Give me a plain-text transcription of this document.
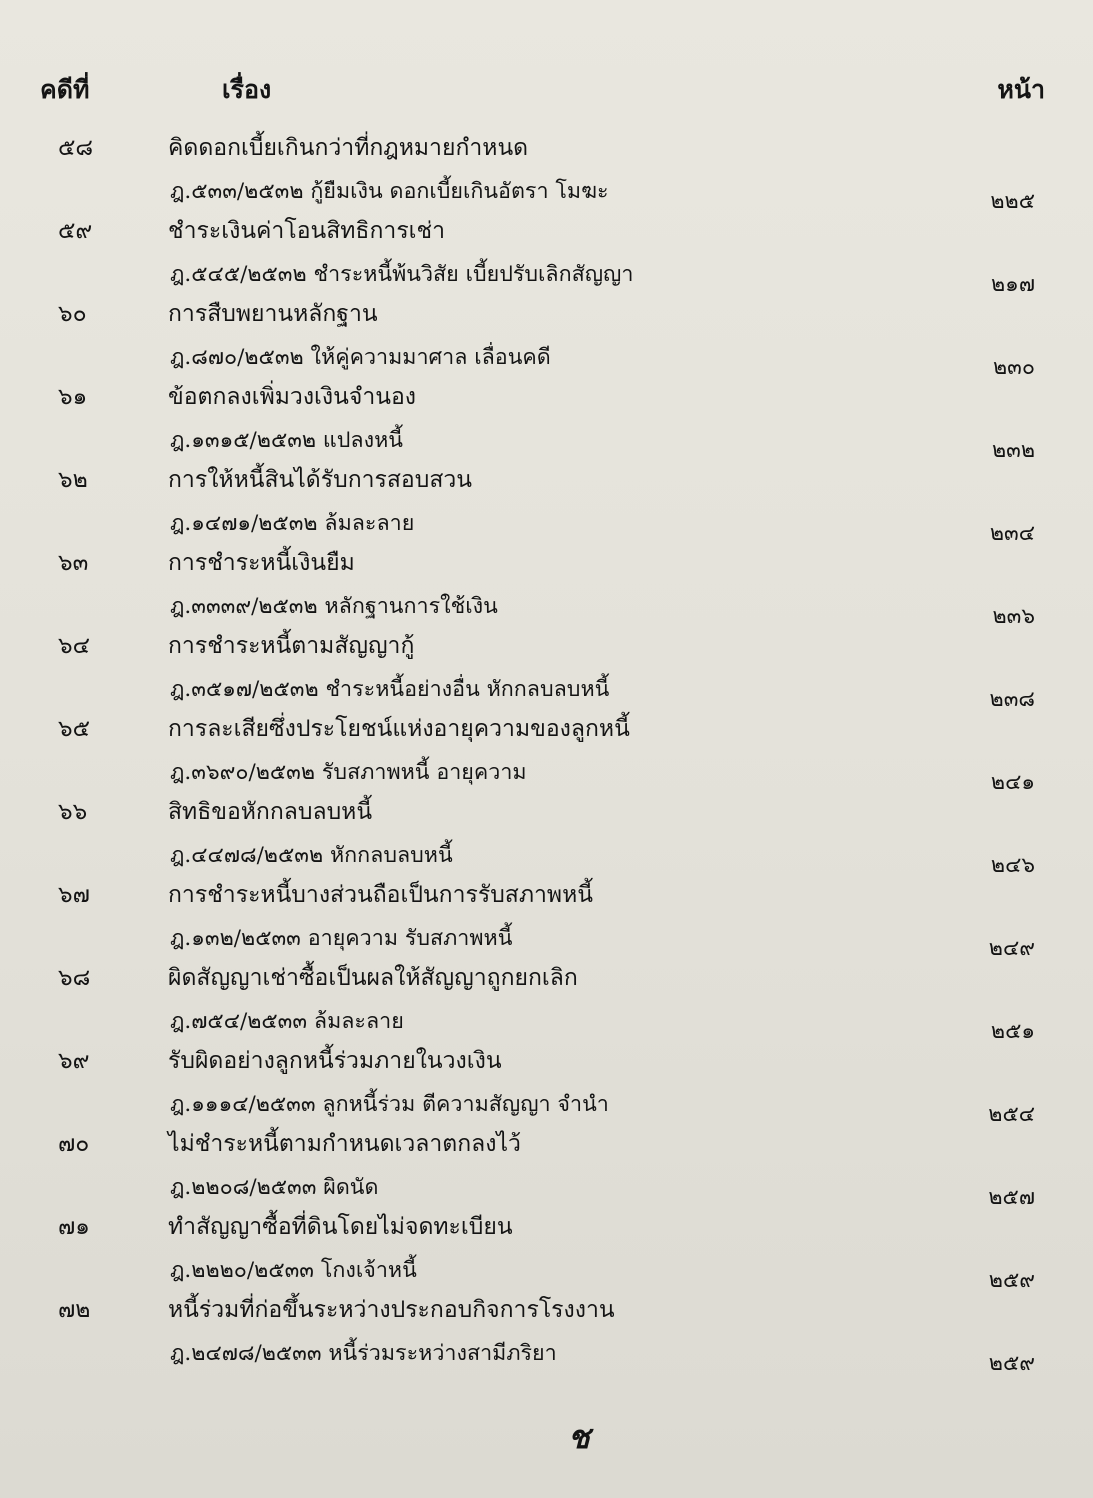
คดีที่	เรื่อง	หน้า
๕๘	คิดดอกเบี้ยเกินกว่าที่กฎหมายกำหนด
ฎ.๕๓๓/๒๕๓๒ กู้ยืมเงิน ดอกเบี้ยเกินอัตรา โมฆะ	๒๒๕
๕๙	ชำระเงินค่าโอนสิทธิการเช่า
ฎ.๕๔๕/๒๕๓๒ ชำระหนี้พ้นวิสัย เบี้ยปรับเลิกสัญญา	๒๑๗
๖๐	การสืบพยานหลักฐาน
ฎ.๘๗๐/๒๕๓๒ ให้คู่ความมาศาล เลื่อนคดี	๒๓๐
๖๑	ข้อตกลงเพิ่มวงเงินจำนอง
ฎ.๑๓๑๕/๒๕๓๒ แปลงหนี้	๒๓๒
๖๒	การให้หนี้สินได้รับการสอบสวน
ฎ.๑๔๗๑/๒๕๓๒ ล้มละลาย	๒๓๔
๖๓	การชำระหนี้เงินยืม
ฎ.๓๓๓๙/๒๕๓๒ หลักฐานการใช้เงิน	๒๓๖
๖๔	การชำระหนี้ตามสัญญากู้
ฎ.๓๕๑๗/๒๕๓๒ ชำระหนี้อย่างอื่น หักกลบลบหนี้	๒๓๘
๖๕	การละเสียซึ่งประโยชน์แห่งอายุความของลูกหนี้
ฎ.๓๖๙๐/๒๕๓๒ รับสภาพหนี้ อายุความ	๒๔๑
๖๖	สิทธิขอหักกลบลบหนี้
ฎ.๔๔๗๘/๒๕๓๒ หักกลบลบหนี้	๒๔๖
๖๗	การชำระหนี้บางส่วนถือเป็นการรับสภาพหนี้
ฎ.๑๓๒/๒๕๓๓ อายุความ รับสภาพหนี้	๒๔๙
๖๘	ผิดสัญญาเช่าซื้อเป็นผลให้สัญญาถูกยกเลิก
ฎ.๗๕๔/๒๕๓๓ ล้มละลาย	๒๕๑
๖๙	รับผิดอย่างลูกหนี้ร่วมภายในวงเงิน
ฎ.๑๑๑๔/๒๕๓๓ ลูกหนี้ร่วม ตีความสัญญา จำนำ	๒๕๔
๗๐	ไม่ชำระหนี้ตามกำหนดเวลาตกลงไว้
ฎ.๒๒๐๘/๒๕๓๓ ผิดนัด	๒๕๗
๗๑	ทำสัญญาซื้อที่ดินโดยไม่จดทะเบียน
ฎ.๒๒๒๐/๒๕๓๓ โกงเจ้าหนี้	๒๕๙
๗๒	หนี้ร่วมที่ก่อขึ้นระหว่างประกอบกิจการโรงงาน
ฎ.๒๔๗๘/๒๕๓๓ หนี้ร่วมระหว่างสามีภริยา	๒๕๙
ช
